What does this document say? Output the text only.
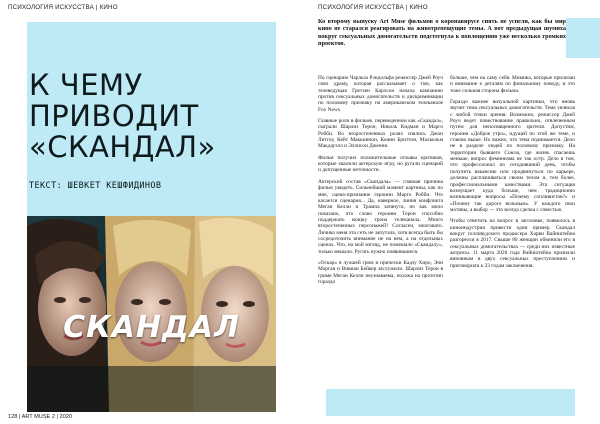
ПСИХОЛОГИЯ ИСКУССТВА | КИНО	ПСИХОЛОГИЯ ИСКУССТВА | КИНО
К ЧЕМУ
ПРИВОДИТ
«СКАНДАЛ»
ТЕКСТ: ШЕВКЕТ КЕШФИДИНОВ
СКАНДАЛ
Ко второму выпуску Art Muse фильмов о коронавирусе снять не успели, как бы мир кино не старался реагировать на животрепещущие темы. А вот предыдущая шумиха вокруг сексуальных домогательств подстегнула к воплощению уже несколько громких проектов.

По сценарию Чарльза Рэндольфа режиссер Джей Роуч снял драму, которая рассказывает о том, как телеведущая Гретхен Карлсон начала кампанию против сексуальных домогательств и дискриминации по половому признаку на американском телеканале Fox News.

Главные роли в фильме, переведенном как «Скандал», сыграли Шарлиз Терон, Николь Кидман и Марго Робби. Во второстепенных ролях снялись Джон Литгоу, Кейт Маккиннон, Конни Бриттон, Малкольм Макдауэлл и Эллисон Дженни.

Фильм получил положительные отзывы критиков, которые хвалили актерскую игру, но ругали сценарий и допущенные неточности.

Актерский состав «Скандала» — главная причина фильм увидеть. Сильнейший момент картины, как по мне, сцена-признание героини Марго Робби. Что касается сценария... Да, наверное, линия конфликта Меган Келли и Трампа затянута, но как мило показано, что слово героини Терон способно поддержать мощку трона телеканала. Много второстепенных персонажей? Согласен, многовато. Личико меня эта сеть не запутала, хотя всегда быть бы сосредоточить внимание не на нем, а на отдельных сценах. Что, на мой взгляд, не помешало «Скандалу», только мешало. Ругать нужно появившиеся.

«Оскар» в лучшей грим и прически Кадзу Хиро, Энн Морган и Вивиан Бейкер заслужили. Шарлиз Терон в гриме Меган Келли неузнаваема, похожа на прототип гораздо

больше, чем на саму себя. Мимика, которые прилизан и внимание к деталям по финальному поводу, и это тоже сильная сторона фильма.

Гораздо важнее визуальной картинки, что вновь звучит тема сексуальных домогательств. Тема увлекла с любой точки зрения. Возможно, режиссер Джей Роуч ведет повествование правильно, отвлеченным путем для непосвященного зрителя. Допустим, героини «Доброе утро», идущей по этой же теме, и ставлю выше. Но важно, что тема поднимается. Дело не в разделе людей по половому признаку. На территории бывшего Союза, где жизнь спасаешь меньше, вопрос феминизма не так остр. Дело в том, что профессионал по сегодняшний день, чтобы получить вакансию или продвинуться по карьере, должны расплачиваться своим телом и, тем более, профессиональными качествами. Эта ситуация возмущает куда больше, чем традиционно возникающие вопросы «Почему сопливистов?» и «Почему так дорого вольным». У каждого свои мотивы, а выбор — это всегда сделка с совестью.

Чтобы ответить на вопрос в заголовке, появилось в киноиндустрии привести одни пример. Скандал вокруг голливудского продюсера Харви Вайнштейна разгорелся в 2017. Свыше 80 женщин обвинили его в сексуальных домогательствах — среди них известные актрисы. 11 марта 2020 года Вайнштейна признали виновным в двух сексуальных преступлениях и приговорили к 23 годам заключения.

128 | ART MUSE 2 | 2020
